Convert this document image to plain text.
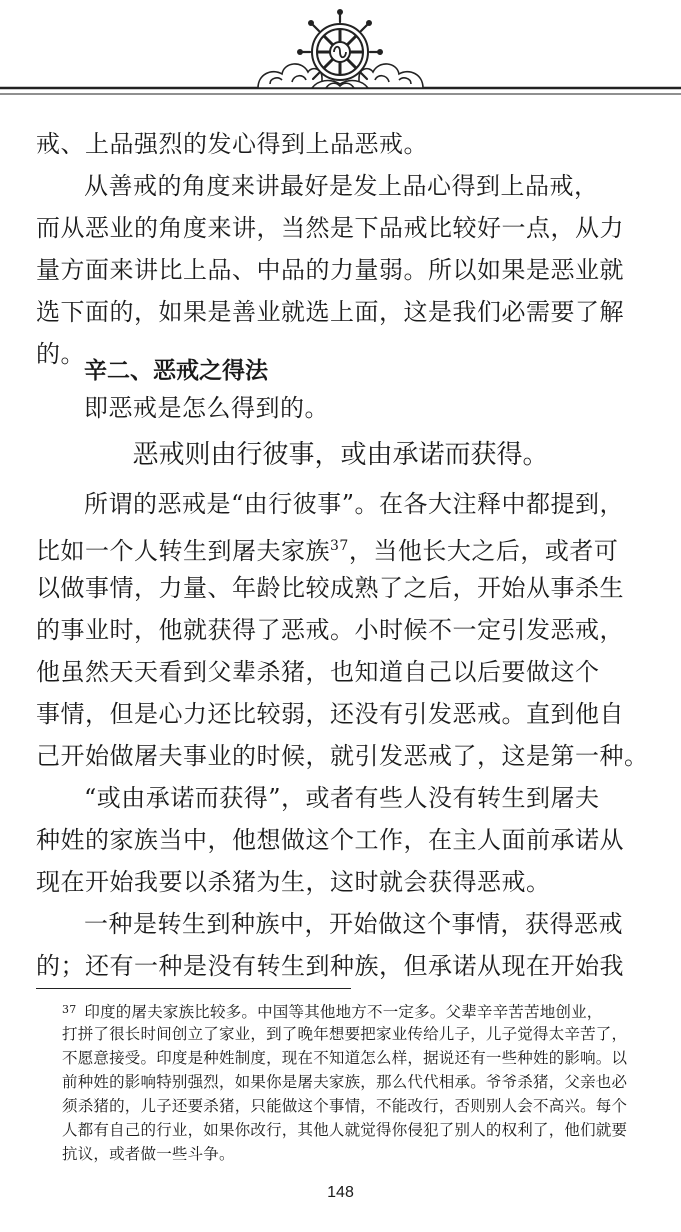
戒、上品强烈的发心得到上品恶戒。
从善戒的角度来讲最好是发上品心得到上品戒，
而从恶业的角度来讲，当然是下品戒比较好一点，从力
量方面来讲比上品、中品的力量弱。所以如果是恶业就
选下面的，如果是善业就选上面，这是我们必需要了解
的。
辛二、恶戒之得法
即恶戒是怎么得到的。
恶戒则由行彼事，或由承诺而获得。
所谓的恶戒是“由行彼事”。在各大注释中都提到，
比如一个人转生到屠夫家族$^{37}$，当他长大之后，或者可
以做事情，力量、年龄比较成熟了之后，开始从事杀生
的事业时，他就获得了恶戒。小时候不一定引发恶戒，
他虽然天天看到父辈杀猪，也知道自己以后要做这个
事情，但是心力还比较弱，还没有引发恶戒。直到他自
己开始做屠夫事业的时候，就引发恶戒了，这是第一种。
“或由承诺而获得”，或者有些人没有转生到屠夫
种姓的家族当中，他想做这个工作，在主人面前承诺从
现在开始我要以杀猪为生，这时就会获得恶戒。
一种是转生到种族中，开始做这个事情，获得恶戒
的；还有一种是没有转生到种族，但承诺从现在开始我
$^{37}$ 印度的屠夫家族比较多。中国等其他地方不一定多。父辈辛辛苦苦地创业，
打拼了很长时间创立了家业，到了晚年想要把家业传给儿子，儿子觉得太辛苦了，
不愿意接受。印度是种姓制度，现在不知道怎么样，据说还有一些种姓的影响。以
前种姓的影响特别强烈，如果你是屠夫家族，那么代代相承。爷爷杀猪，父亲也必
须杀猪的，儿子还要杀猪，只能做这个事情，不能改行，否则别人会不高兴。每个
人都有自己的行业，如果你改行，其他人就觉得你侵犯了别人的权利了，他们就要
抗议，或者做一些斗争。
148
